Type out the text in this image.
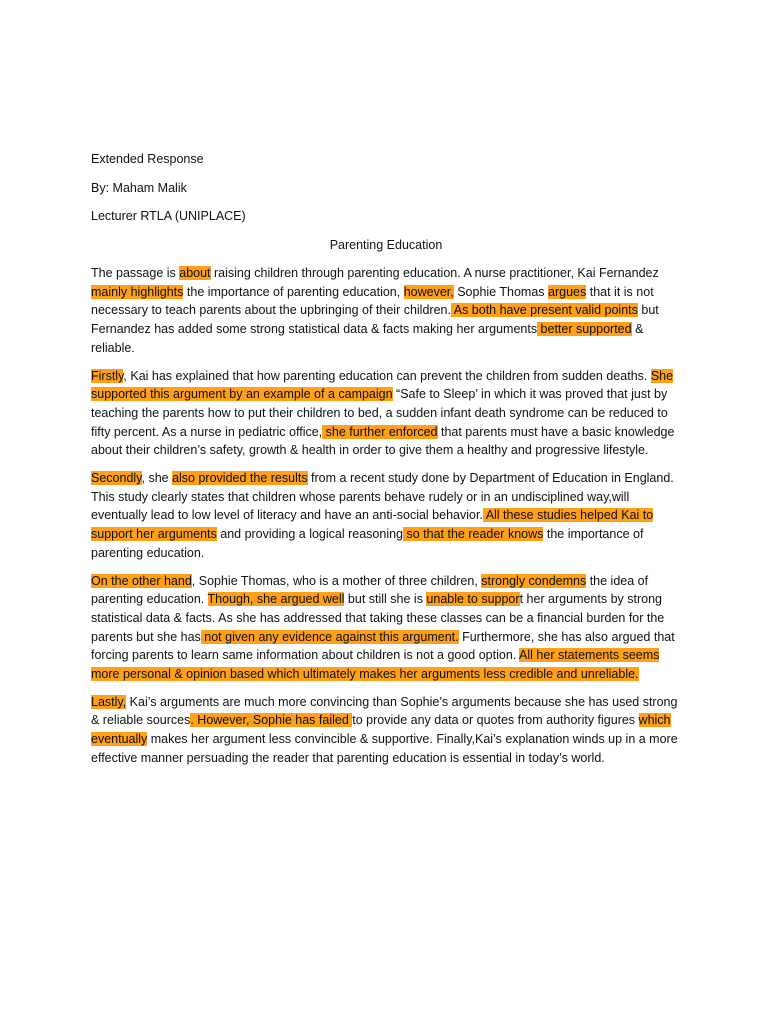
Extended Response

By: Maham Malik

Lecturer RTLA (UNIPLACE)

Parenting Education

The passage is about raising children through parenting education. A nurse practitioner, Kai Fernandez mainly highlights the importance of parenting education, however, Sophie Thomas argues that it is not necessary to teach parents about the upbringing of their children. As both have present valid points but Fernandez has added some strong statistical data & facts making her arguments better supported & reliable.

Firstly, Kai has explained that how parenting education can prevent the children from sudden deaths. She supported this argument by an example of a campaign “Safe to Sleep’ in which it was proved that just by teaching the parents how to put their children to bed, a sudden infant death syndrome can be reduced to fifty percent. As a nurse in pediatric office, she further enforced that parents must have a basic knowledge about their children’s safety, growth & health in order to give them a healthy and progressive lifestyle.

Secondly, she also provided the results from a recent study done by Department of Education in England. This study clearly states that children whose parents behave rudely or in an undisciplined way,will eventually lead to low level of literacy and have an anti-social behavior. All these studies helped Kai to support her arguments and providing a logical reasoning so that the reader knows the importance of parenting education.

On the other hand, Sophie Thomas, who is a mother of three children, strongly condemns the idea of parenting education. Though, she argued well but still she is unable to support her arguments by strong statistical data & facts. As she has addressed that taking these classes can be a financial burden for the parents but she has not given any evidence against this argument. Furthermore, she has also argued that forcing parents to learn same information about children is not a good option. All her statements seems more personal & opinion based which ultimately makes her arguments less credible and unreliable.

Lastly, Kai’s arguments are much more convincing than Sophie’s arguments because she has used strong & reliable sources. However, Sophie has failed to provide any data or quotes from authority figures which eventually makes her argument less convincible & supportive. Finally,Kai’s explanation winds up in a more effective manner persuading the reader that parenting education is essential in today’s world.
